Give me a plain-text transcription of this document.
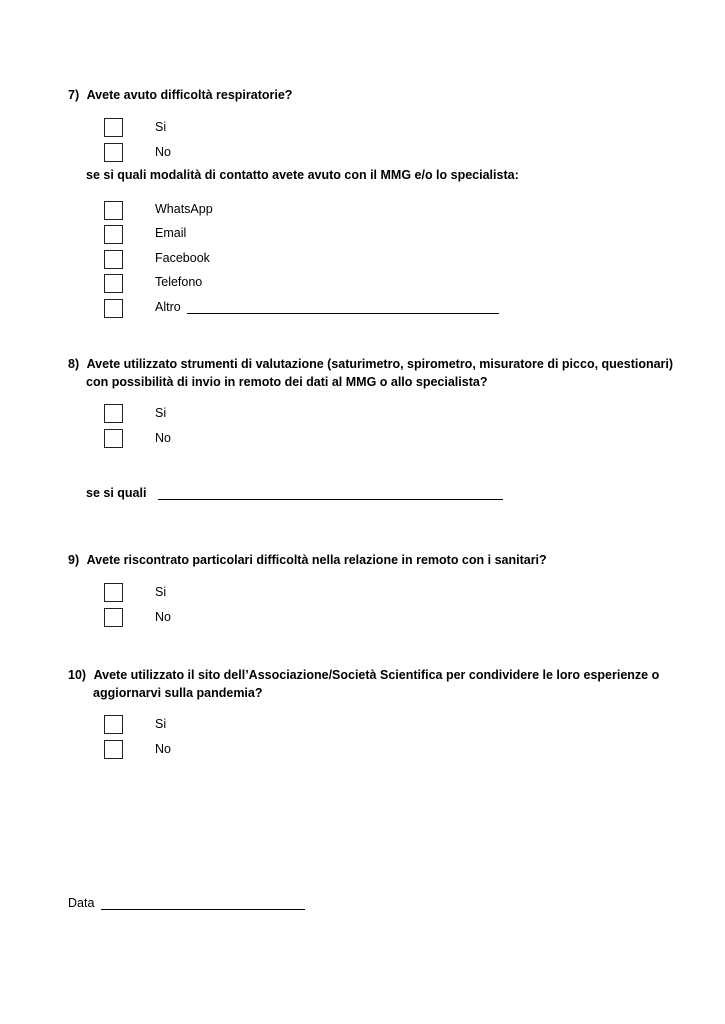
7) Avete avuto difficoltà respiratorie?
Si
No
se si quali modalità di contatto avete avuto con il MMG e/o lo specialista:
WhatsApp
Email
Facebook
Telefono
Altro
8) Avete utilizzato strumenti di valutazione (saturimetro, spirometro, misuratore di picco, questionari)
con possibilità di invio in remoto dei dati al MMG o allo specialista?
Si
No
se si quali
9) Avete riscontrato particolari difficoltà nella relazione in remoto con i sanitari?
Si
No
10) Avete utilizzato il sito dell’Associazione/Società Scientifica per condividere le loro esperienze o
aggiornarvi sulla pandemia?
Si
No
Data
